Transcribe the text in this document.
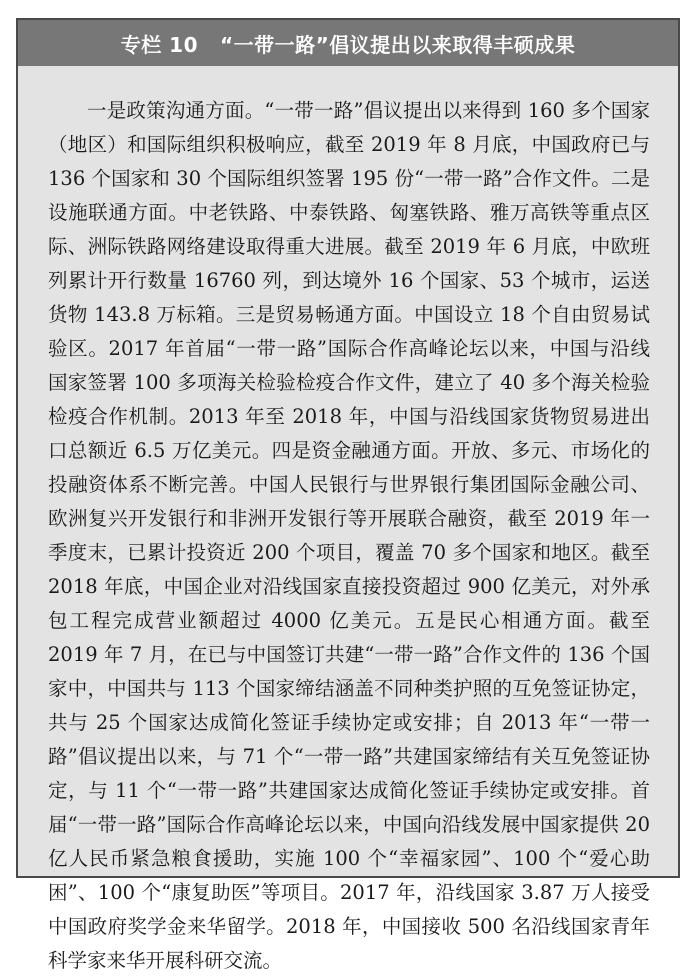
专栏 10 “一带一路”倡议提出以来取得丰硕成果

一是政策沟通方面。“一带一路”倡议提出以来得到 160 多个国家（地区）和国际组织积极响应，截至 2019 年 8 月底，中国政府已与 136 个国家和 30 个国际组织签署 195 份“一带一路”合作文件。二是设施联通方面。中老铁路、中泰铁路、匈塞铁路、雅万高铁等重点区际、洲际铁路网络建设取得重大进展。截至 2019 年 6 月底，中欧班列累计开行数量 16760 列，到达境外 16 个国家、53 个城市，运送货物 143.8 万标箱。三是贸易畅通方面。中国设立 18 个自由贸易试验区。2017 年首届“一带一路”国际合作高峰论坛以来，中国与沿线国家签署 100 多项海关检验检疫合作文件，建立了 40 多个海关检验检疫合作机制。2013 年至 2018 年，中国与沿线国家货物贸易进出口总额近 6.5 万亿美元。四是资金融通方面。开放、多元、市场化的投融资体系不断完善。中国人民银行与世界银行集团国际金融公司、欧洲复兴开发银行和非洲开发银行等开展联合融资，截至 2019 年一季度末，已累计投资近 200 个项目，覆盖 70 多个国家和地区。截至 2018 年底，中国企业对沿线国家直接投资超过 900 亿美元，对外承包工程完成营业额超过 4000 亿美元。五是民心相通方面。截至 2019 年 7 月，在已与中国签订共建“一带一路”合作文件的 136 个国家中，中国共与 113 个国家缔结涵盖不同种类护照的互免签证协定，共与 25 个国家达成简化签证手续协定或安排；自 2013 年“一带一路”倡议提出以来，与 71 个“一带一路”共建国家缔结有关互免签证协定，与 11 个“一带一路”共建国家达成简化签证手续协定或安排。首届“一带一路”国际合作高峰论坛以来，中国向沿线发展中国家提供 20 亿人民币紧急粮食援助，实施 100 个“幸福家园”、100 个“爱心助困”、100 个“康复助医”等项目。2017 年，沿线国家 3.87 万人接受中国政府奖学金来华留学。2018 年，中国接收 500 名沿线国家青年科学家来华开展科研交流。
